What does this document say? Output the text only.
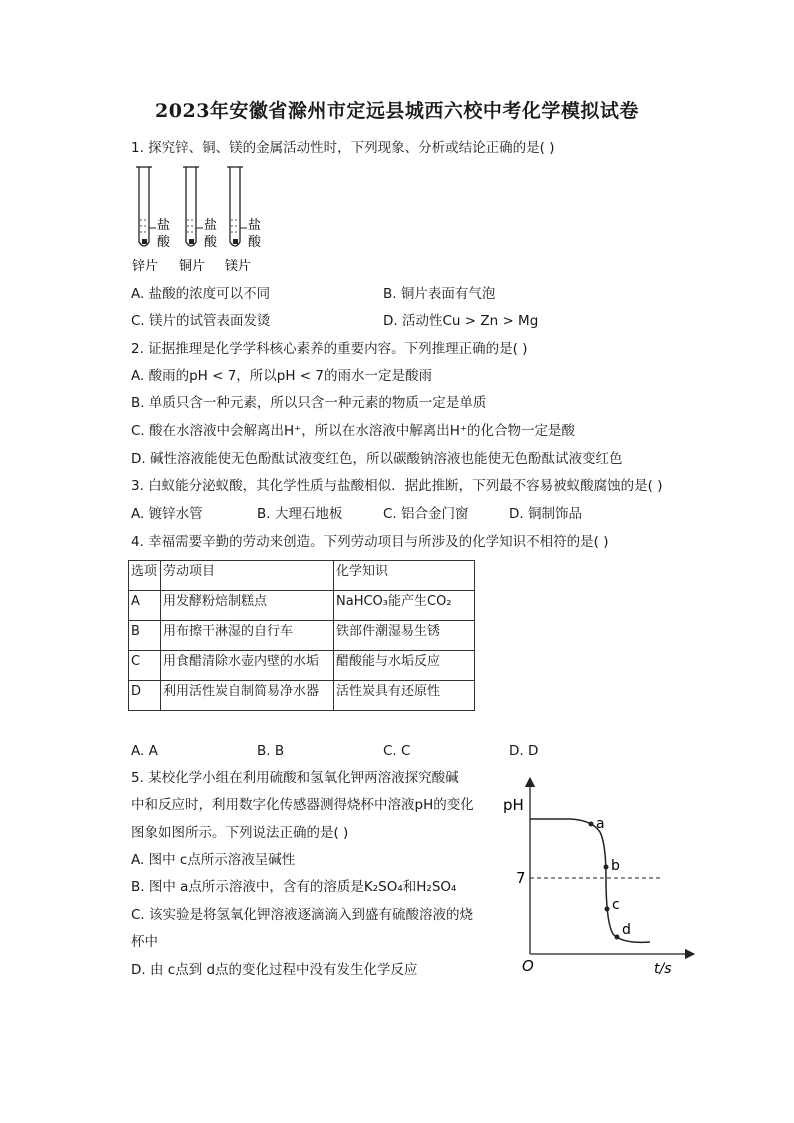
2023年安徽省滁州市定远县城西六校中考化学模拟试卷
1. 探究锌、铜、镁的金属活动性时，下列现象、分析或结论正确的是( )
盐
酸
锌片
盐
酸
铜片
盐
酸
镁片
A. 盐酸的浓度可以不同	B. 铜片表面有气泡
C. 镁片的试管表面发烫	D. 活动性Cu > Zn > Mg
2. 证据推理是化学学科核心素养的重要内容。下列推理正确的是( )
A. 酸雨的pH < 7，所以pH < 7的雨水一定是酸雨
B. 单质只含一种元素，所以只含一种元素的物质一定是单质
C. 酸在水溶液中会解离出H⁺，所以在水溶液中解离出H⁺的化合物一定是酸
D. 碱性溶液能使无色酚酞试液变红色，所以碳酸钠溶液也能使无色酚酞试液变红色
3. 白蚁能分泌蚁酸，其化学性质与盐酸相似．据此推断，下列最不容易被蚁酸腐蚀的是( )
A. 镀锌水管	B. 大理石地板	C. 铝合金门窗	D. 铜制饰品
4. 幸福需要辛勤的劳动来创造。下列劳动项目与所涉及的化学知识不相符的是( )
选项	劳动项目	化学知识
A	用发酵粉焙制糕点	NaHCO₃能产生CO₂
B	用布擦干淋湿的自行车	铁部件潮湿易生锈
C	用食醋清除水壶内壁的水垢	醋酸能与水垢反应
D	利用活性炭自制简易净水器	活性炭具有还原性
A. A	B. B	C. C	D. D
5. 某校化学小组在利用硫酸和氢氧化钾两溶液探究酸碱
中和反应时，利用数字化传感器测得烧杯中溶液pH的变化
图象如图所示。下列说法正确的是( )
A. 图中 c点所示溶液呈碱性
B. 图中 a点所示溶液中，含有的溶质是K₂SO₄和H₂SO₄
C. 该实验是将氢氧化钾溶液逐滴滴入到盛有硫酸溶液的烧
杯中
D. 由 c点到 d点的变化过程中没有发生化学反应
a
b
c
d
pH
7
O	t/s
